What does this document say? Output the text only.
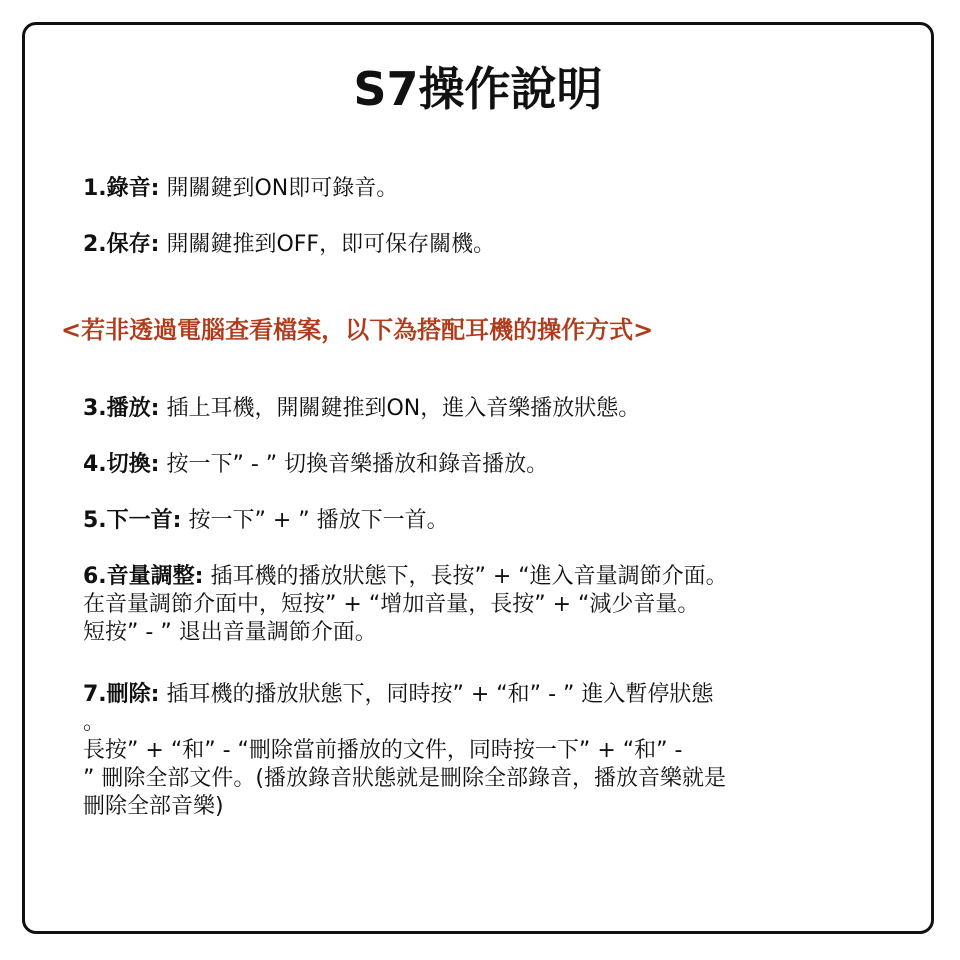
S7操作說明

1.錄音: 開關鍵到ON即可錄音。

2.保存: 開關鍵推到OFF，即可保存關機。

<若非透過電腦查看檔案，以下為搭配耳機的操作方式>

3.播放: 插上耳機，開關鍵推到ON，進入音樂播放狀態。

4.切換: 按一下” - ” 切換音樂播放和錄音播放。

5.下一首: 按一下” + ” 播放下一首。

6.音量調整: 插耳機的播放狀態下，長按” + “進入音量調節介面。

在音量調節介面中，短按” + “增加音量，長按” + “減少音量。

短按” - ” 退出音量調節介面。

7.刪除: 插耳機的播放狀態下，同時按” + “和” - ” 進入暫停狀態

。

長按” + “和” - “刪除當前播放的文件，同時按一下” + “和” -

” 刪除全部文件。(播放錄音狀態就是刪除全部錄音，播放音樂就是

刪除全部音樂)
